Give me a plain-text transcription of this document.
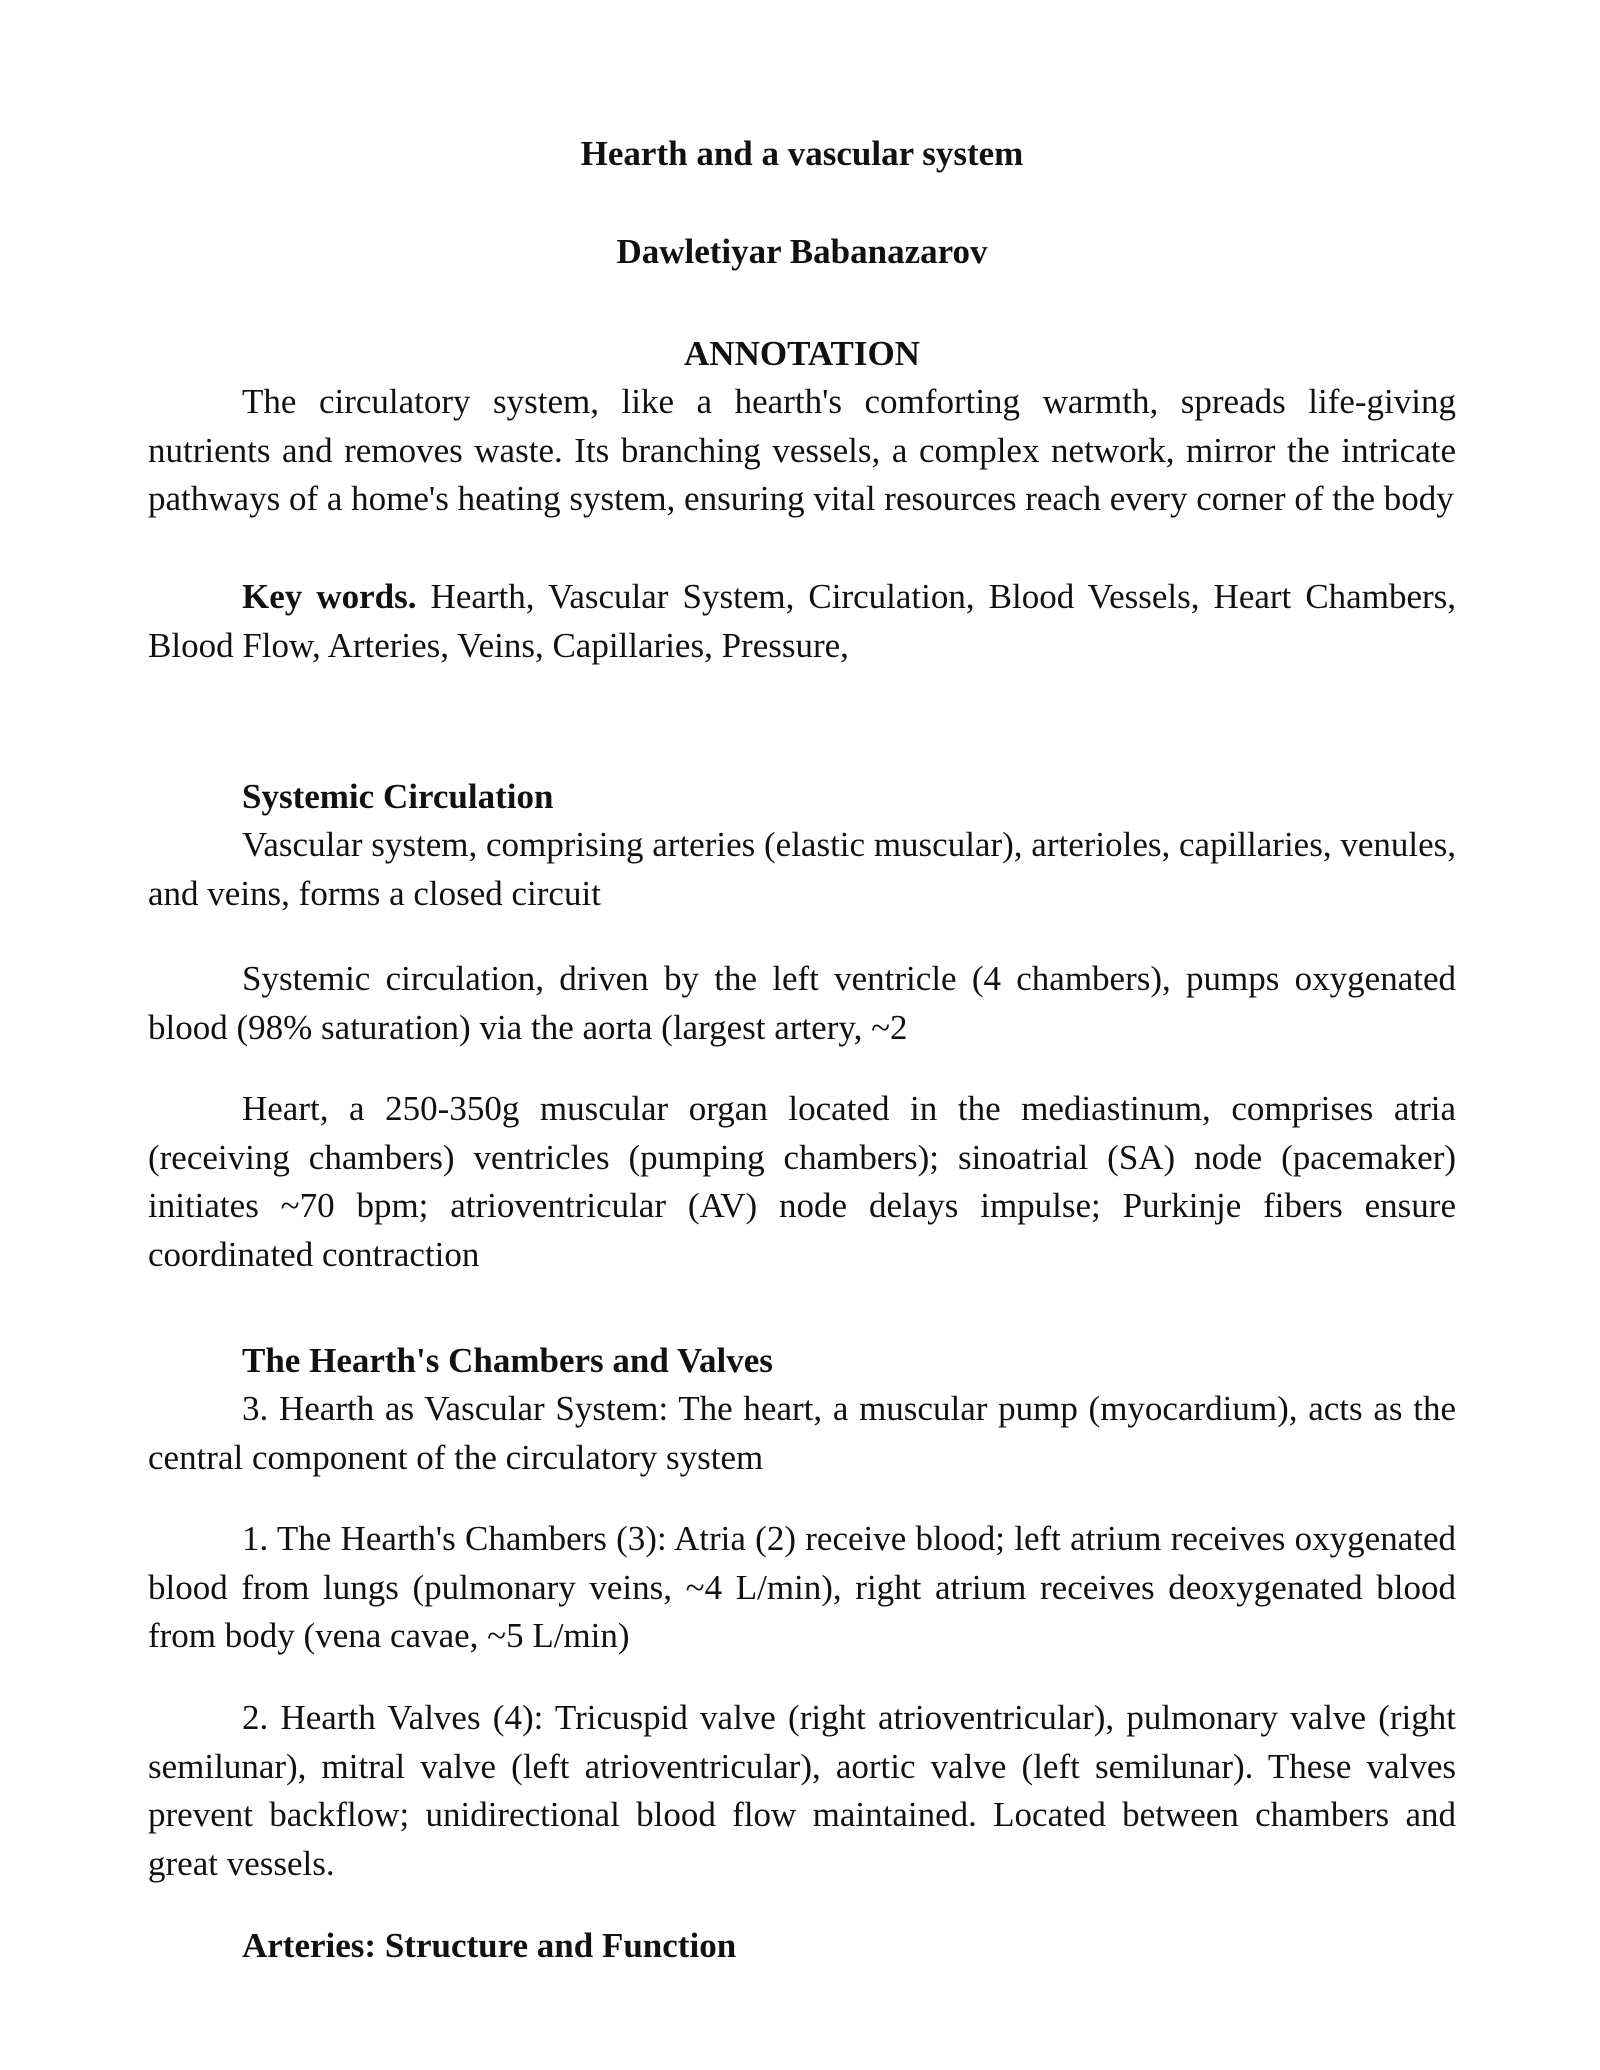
Hearth and a vascular system
Dawletiyar Babanazarov
ANNOTATION

The circulatory system, like a hearth's comforting warmth, spreads life-giving nutrients and removes waste. Its branching vessels, a complex network, mirror the intricate pathways of a home's heating system, ensuring vital resources reach every corner of the body

Key words. Hearth, Vascular System, Circulation, Blood Vessels, Heart Chambers, Blood Flow, Arteries, Veins, Capillaries, Pressure,

Systemic Circulation

Vascular system, comprising arteries (elastic muscular), arterioles, capillaries, venules, and veins, forms a closed circuit

Systemic circulation, driven by the left ventricle (4 chambers), pumps oxygenated blood (98% saturation) via the aorta (largest artery, ~2

Heart, a 250-350g muscular organ located in the mediastinum, comprises atria (receiving chambers) ventricles (pumping chambers); sinoatrial (SA) node (pacemaker) initiates ~70 bpm; atrioventricular (AV) node delays impulse; Purkinje fibers ensure coordinated contraction

The Hearth's Chambers and Valves

3. Hearth as Vascular System: The heart, a muscular pump (myocardium), acts as the central component of the circulatory system

1. The Hearth's Chambers (3): Atria (2) receive blood; left atrium receives oxygenated blood from lungs (pulmonary veins, ~4 L/min), right atrium receives deoxygenated blood from body (vena cavae, ~5 L/min)

2. Hearth Valves (4): Tricuspid valve (right atrioventricular), pulmonary valve (right semilunar), mitral valve (left atrioventricular), aortic valve (left semilunar). These valves prevent backflow; unidirectional blood flow maintained. Located between chambers and great vessels.

Arteries: Structure and Function
